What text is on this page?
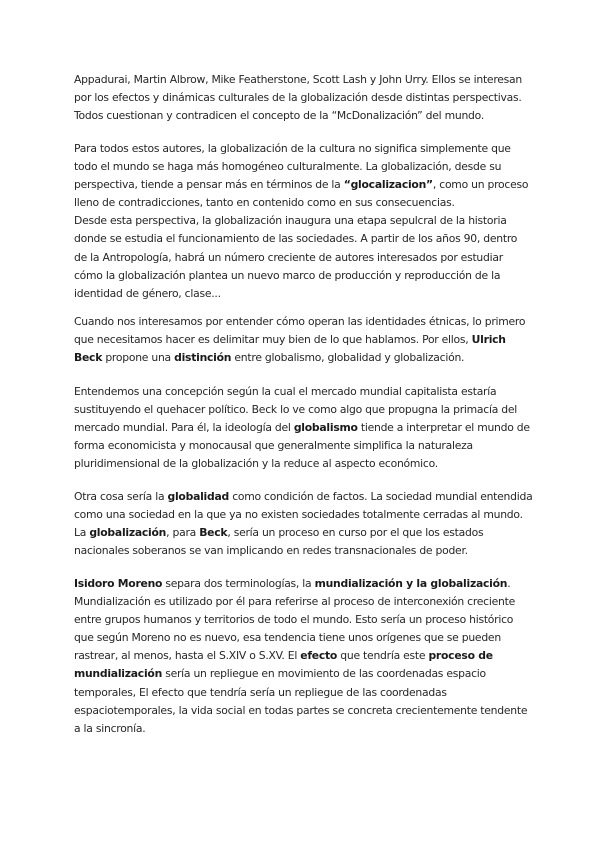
Appadurai, Martin Albrow, Mike Featherstone, Scott Lash y John Urry. Ellos se interesan
por los efectos y dinámicas culturales de la globalización desde distintas perspectivas.
Todos cuestionan y contradicen el concepto de la “McDonalización” del mundo.
Para todos estos autores, la globalización de la cultura no significa simplemente que
todo el mundo se haga más homogéneo culturalmente. La globalización, desde su
perspectiva, tiende a pensar más en términos de la “glocalizacion”, como un proceso
lleno de contradicciones, tanto en contenido como en sus consecuencias.
Desde esta perspectiva, la globalización inaugura una etapa sepulcral de la historia
donde se estudia el funcionamiento de las sociedades. A partir de los años 90, dentro
de la Antropología, habrá un número creciente de autores interesados por estudiar
cómo la globalización plantea un nuevo marco de producción y reproducción de la
identidad de género, clase...
Cuando nos interesamos por entender cómo operan las identidades étnicas, lo primero
que necesitamos hacer es delimitar muy bien de lo que hablamos. Por ellos, Ulrich
Beck propone una distinción entre globalismo, globalidad y globalización.
Entendemos una concepción según la cual el mercado mundial capitalista estaría
sustituyendo el quehacer político. Beck lo ve como algo que propugna la primacía del
mercado mundial. Para él, la ideología del globalismo tiende a interpretar el mundo de
forma economicista y monocausal que generalmente simplifica la naturaleza
pluridimensional de la globalización y la reduce al aspecto económico.
Otra cosa sería la globalidad como condición de factos. La sociedad mundial entendida
como una sociedad en la que ya no existen sociedades totalmente cerradas al mundo.
La globalización, para Beck, sería un proceso en curso por el que los estados
nacionales soberanos se van implicando en redes transnacionales de poder.
Isidoro Moreno separa dos terminologías, la mundialización y la globalización.
Mundialización es utilizado por él para referirse al proceso de interconexión creciente
entre grupos humanos y territorios de todo el mundo. Esto sería un proceso histórico
que según Moreno no es nuevo, esa tendencia tiene unos orígenes que se pueden
rastrear, al menos, hasta el S.XIV o S.XV. El efecto que tendría este proceso de
mundialización sería un repliegue en movimiento de las coordenadas espacio
temporales, El efecto que tendría sería un repliegue de las coordenadas
espaciotemporales, la vida social en todas partes se concreta crecientemente tendente
a la sincronía.
